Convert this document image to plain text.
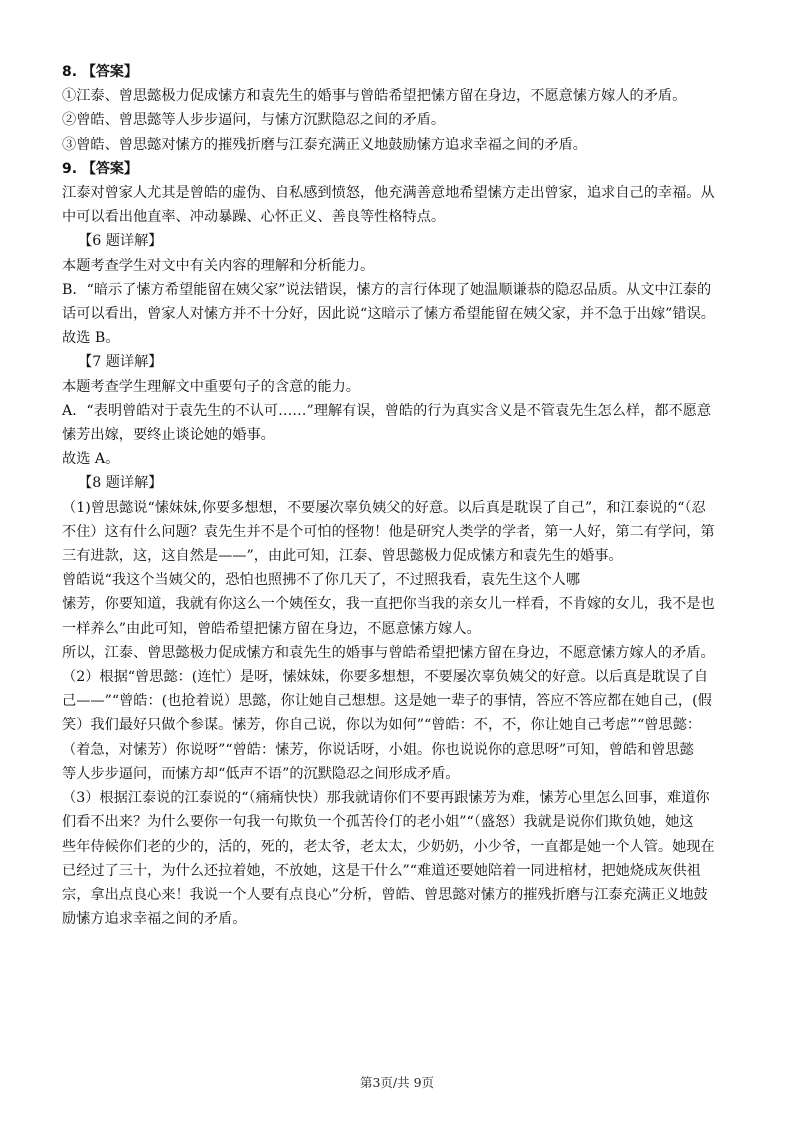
8. 【答案】

①江泰、曾思懿极力促成愫方和袁先生的婚事与曾皓希望把愫方留在身边，不愿意愫方嫁人的矛盾。

②曾皓、曾思懿等人步步逼问，与愫方沉默隐忍之间的矛盾。

③曾皓、曾思懿对愫方的摧残折磨与江泰充满正义地鼓励愫方追求幸福之间的矛盾。

9. 【答案】

江泰对曾家人尤其是曾皓的虚伪、自私感到愤怒，他充满善意地希望愫方走出曾家，追求自己的幸福。从

中可以看出他直率、冲动暴躁、心怀正义、善良等性格特点。

【6 题详解】

本题考查学生对文中有关内容的理解和分析能力。

B．“暗示了愫方希望能留在姨父家”说法错误，愫方的言行体现了她温顺谦恭的隐忍品质。从文中江泰的

话可以看出，曾家人对愫方并不十分好，因此说“这暗示了愫方希望能留在姨父家，并不急于出嫁”错误。

故选 B。

【7 题详解】

本题考查学生理解文中重要句子的含意的能力。

A．“表明曾皓对于袁先生的不认可……”理解有误，曾皓的行为真实含义是不管袁先生怎么样，都不愿意

愫芳出嫁，要终止谈论她的婚事。

故选 A。

【8 题详解】

（1)曾思懿说“愫妹妹,你要多想想，不要屡次辜负姨父的好意。以后真是耽误了自己”，和江泰说的“（忍

不住）这有什么问题？袁先生并不是个可怕的怪物！他是研究人类学的学者，第一人好，第二有学问，第

三有进款，这，这自然是——”，由此可知，江泰、曾思懿极力促成愫方和袁先生的婚事。

曾皓说“我这个当姨父的，恐怕也照拂不了你几天了，不过照我看，袁先生这个人哪

愫芳，你要知道，我就有你这么一个姨侄女，我一直把你当我的亲女儿一样看，不肯嫁的女儿，我不是也

一样养么”由此可知，曾皓希望把愫方留在身边，不愿意愫方嫁人。

所以，江泰、曾思懿极力促成愫方和袁先生的婚事与曾皓希望把愫方留在身边，不愿意愫方嫁人的矛盾。

（2）根据“曾思懿：(连忙）是呀，愫妹妹，你要多想想，不要屡次辜负姨父的好意。以后真是耽误了自

己——”“曾皓：(也抢着说）思懿，你让她自己想想。这是她一辈子的事情，答应不答应都在她自己，(假

笑）我们最好只做个参谋。愫芳，你自己说，你以为如何”“曾皓：不，不，你让她自己考虑”“曾思懿：

（着急，对愫芳）你说呀”“曾皓：愫芳，你说话呀，小姐。你也说说你的意思呀”可知，曾皓和曾思懿

等人步步逼问，而愫方却“低声不语”的沉默隐忍之间形成矛盾。

（3）根据江泰说的江泰说的“（痛痛快快）那我就请你们不要再跟愫芳为难，愫芳心里怎么回事，难道你

们看不出来？为什么要你一句我一句欺负一个孤苦伶仃的老小姐”“（盛怒）我就是说你们欺负她，她这

些年侍候你们老的少的，活的，死的，老太爷，老太太，少奶奶，小少爷，一直都是她一个人管。她现在

已经过了三十，为什么还拉着她，不放她，这是干什么”“难道还要她陪着一同进棺材，把她烧成灰供祖

宗，拿出点良心来！我说一个人要有点良心”分析，曾皓、曾思懿对愫方的摧残折磨与江泰充满正义地鼓

励愫方追求幸福之间的矛盾。

第3页/共 9页
